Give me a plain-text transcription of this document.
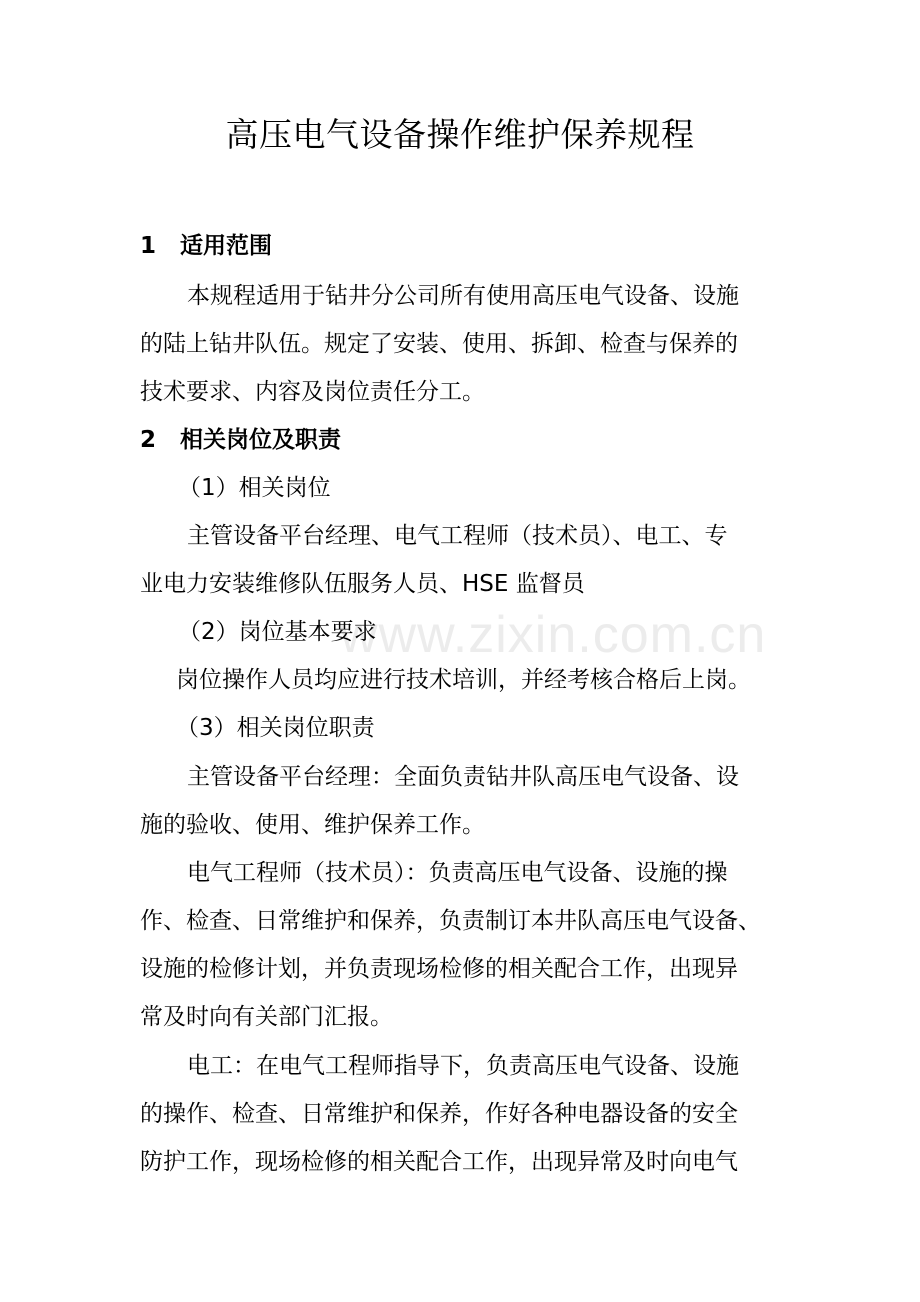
www.zixin.com.cn
高压电气设备操作维护保养规程
1 适用范围
本规程适用于钻井分公司所有使用高压电气设备、设施
的陆上钻井队伍。规定了安装、使用、拆卸、检查与保养的
技术要求、内容及岗位责任分工。
2 相关岗位及职责
（1）相关岗位
主管设备平台经理、电气工程师（技术员）、电工、专
业电力安装维修队伍服务人员、HSE 监督员
（2）岗位基本要求
岗位操作人员均应进行技术培训，并经考核合格后上岗。
（3）相关岗位职责
主管设备平台经理：全面负责钻井队高压电气设备、设
施的验收、使用、维护保养工作。
电气工程师（技术员）：负责高压电气设备、设施的操
作、检查、日常维护和保养，负责制订本井队高压电气设备、
设施的检修计划，并负责现场检修的相关配合工作，出现异
常及时向有关部门汇报。
电工：在电气工程师指导下，负责高压电气设备、设施
的操作、检查、日常维护和保养，作好各种电器设备的安全
防护工作，现场检修的相关配合工作，出现异常及时向电气
